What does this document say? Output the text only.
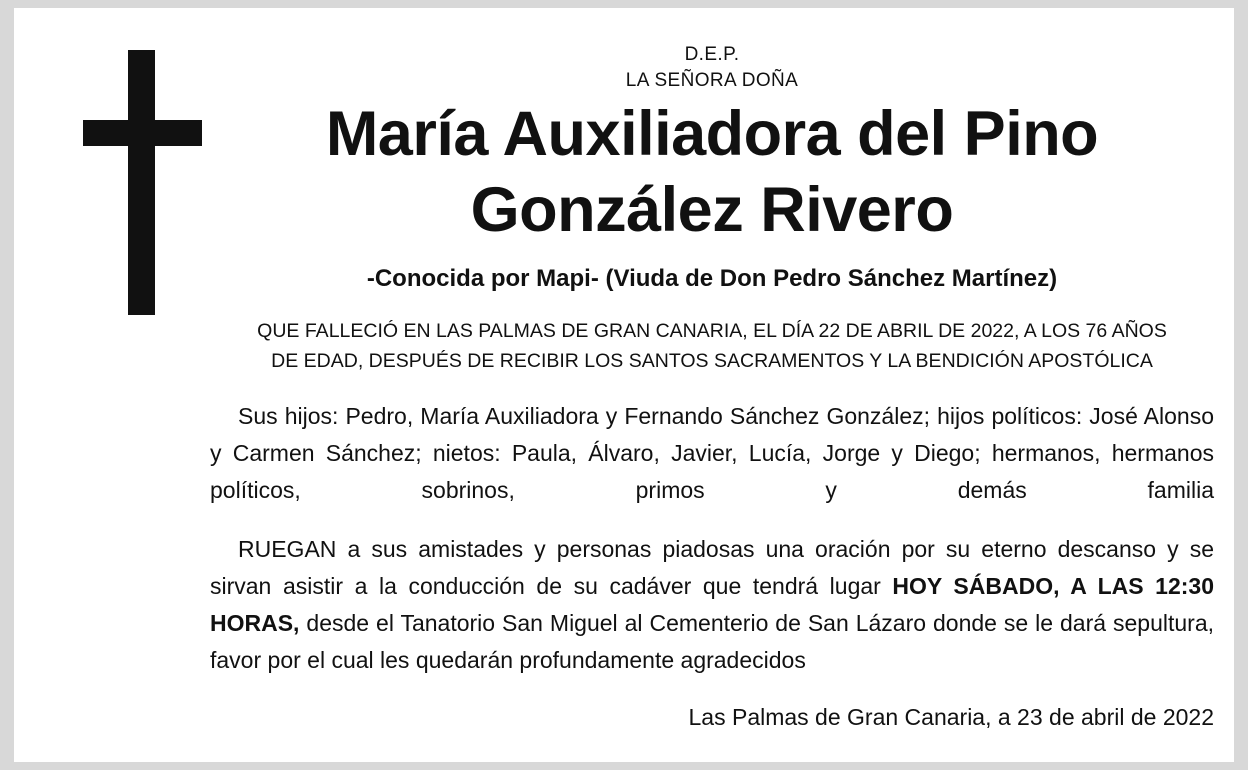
D.E.P.
LA SEÑORA DOÑA
María Auxiliadora del Pino
González Rivero
-Conocida por Mapi- (Viuda de Don Pedro Sánchez Martínez)
QUE FALLECIÓ EN LAS PALMAS DE GRAN CANARIA, EL DÍA 22 DE ABRIL DE 2022, A LOS 76 AÑOS
DE EDAD, DESPUÉS DE RECIBIR LOS SANTOS SACRAMENTOS Y LA BENDICIÓN APOSTÓLICA
Sus hijos: Pedro, María Auxiliadora y Fernando Sánchez González; hijos políticos: José Alonso y Carmen Sánchez; nietos: Paula, Álvaro, Javier, Lucía, Jorge y Diego; hermanos, hermanos políticos, sobrinos, primos y demás familia
RUEGAN a sus amistades y personas piadosas una oración por su eterno descanso y se sirvan asistir a la conducción de su cadáver que tendrá lugar HOY SÁBADO, A LAS 12:30 HORAS, desde el Tanatorio San Miguel al Cementerio de San Lázaro donde se le dará sepultura, favor por el cual les quedarán profundamente agradecidos
Las Palmas de Gran Canaria, a 23 de abril de 2022
